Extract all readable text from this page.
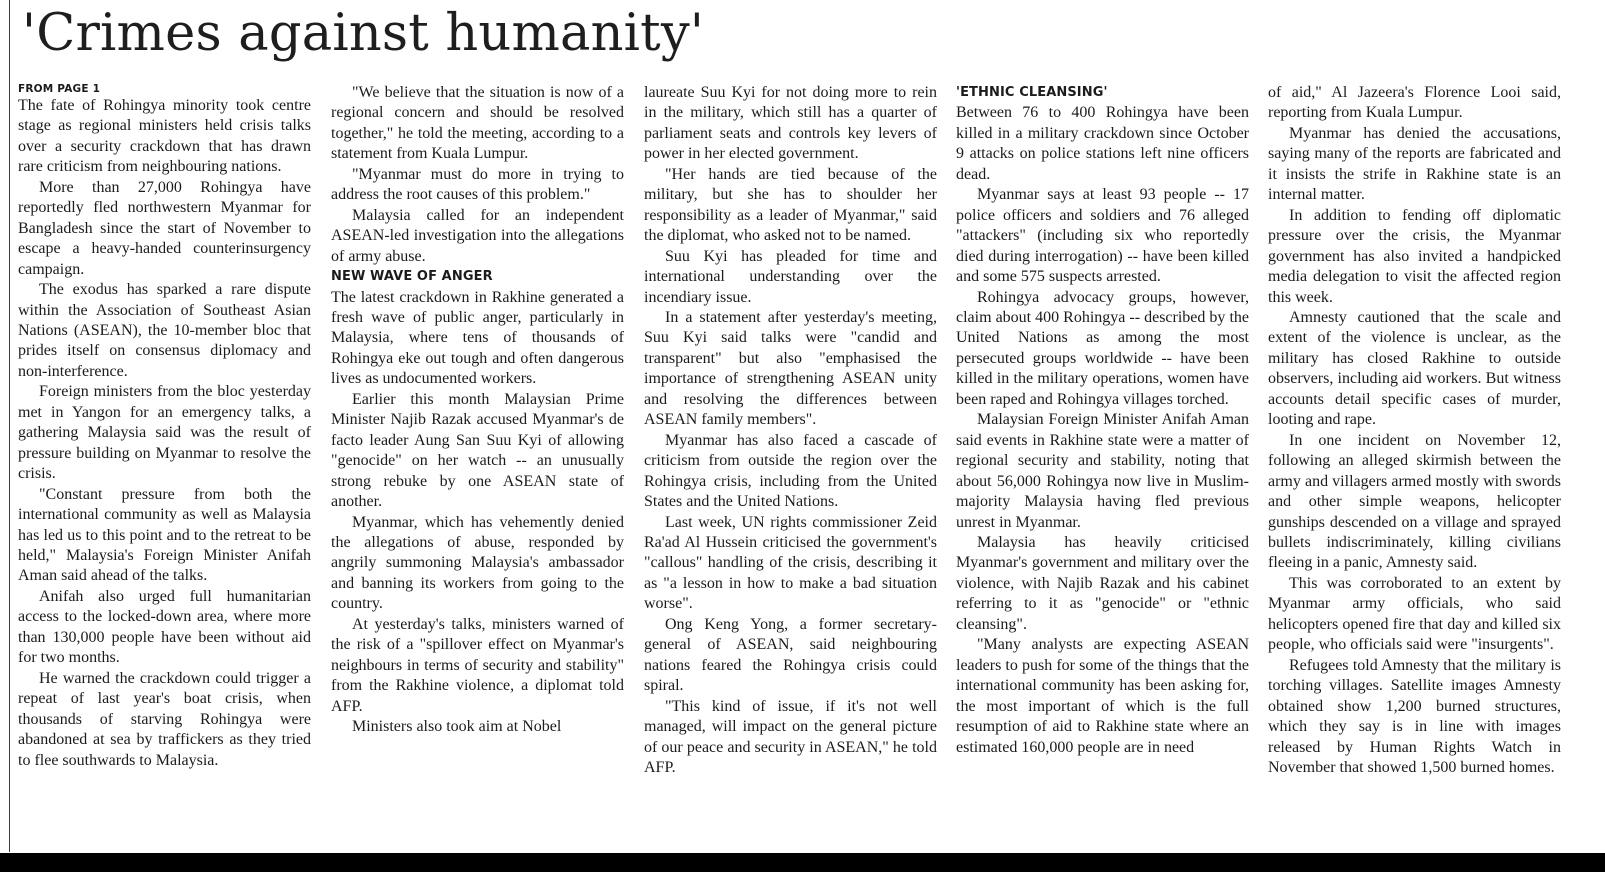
'Crimes against humanity'
FROM PAGE 1

The fate of Rohingya minority took centre stage as regional ministers held crisis talks over a security crackdown that has drawn rare criticism from neighbouring nations.

More than 27,000 Rohingya have reportedly fled northwestern Myanmar for Bangladesh since the start of November to escape a heavy-handed counterinsurgency campaign.

The exodus has sparked a rare dispute within the Association of Southeast Asian Nations (ASEAN), the 10-member bloc that prides itself on consensus diplomacy and non-interference.

Foreign ministers from the bloc yesterday met in Yangon for an emergency talks, a gathering Malaysia said was the result of pressure building on Myanmar to resolve the crisis.

"Constant pressure from both the international community as well as Malaysia has led us to this point and to the retreat to be held," Malaysia's Foreign Minister Anifah Aman said ahead of the talks.

Anifah also urged full humanitarian access to the locked-down area, where more than 130,000 people have been without aid for two months.

He warned the crackdown could trigger a repeat of last year's boat crisis, when thousands of starving Rohingya were abandoned at sea by traffickers as they tried to flee southwards to Malaysia.

"We believe that the situation is now of a regional concern and should be resolved together," he told the meeting, according to a statement from Kuala Lumpur.

"Myanmar must do more in trying to address the root causes of this problem."

Malaysia called for an independent ASEAN-led investigation into the allegations of army abuse.

NEW WAVE OF ANGER

The latest crackdown in Rakhine generated a fresh wave of public anger, particularly in Malaysia, where tens of thousands of Rohingya eke out tough and often dangerous lives as undocumented workers.

Earlier this month Malaysian Prime Minister Najib Razak accused Myanmar's de facto leader Aung San Suu Kyi of allowing "genocide" on her watch -- an unusually strong rebuke by one ASEAN state of another.

Myanmar, which has vehemently denied the allegations of abuse, responded by angrily summoning Malaysia's ambassador and banning its workers from going to the country.

At yesterday's talks, ministers warned of the risk of a "spillover effect on Myanmar's neighbours in terms of security and stability" from the Rakhine violence, a diplomat told AFP.

Ministers also took aim at Nobel

laureate Suu Kyi for not doing more to rein in the military, which still has a quarter of parliament seats and controls key levers of power in her elected government.

"Her hands are tied because of the military, but she has to shoulder her responsibility as a leader of Myanmar," said the diplomat, who asked not to be named.

Suu Kyi has pleaded for time and international understanding over the incendiary issue.

In a statement after yesterday's meeting, Suu Kyi said talks were "candid and transparent" but also "emphasised the importance of strengthening ASEAN unity and resolving the differences between ASEAN family members".

Myanmar has also faced a cascade of criticism from outside the region over the Rohingya crisis, including from the United States and the United Nations.

Last week, UN rights commissioner Zeid Ra'ad Al Hussein criticised the government's "callous" handling of the crisis, describing it as "a lesson in how to make a bad situation worse".

Ong Keng Yong, a former secretary-general of ASEAN, said neighbouring nations feared the Rohingya crisis could spiral.

"This kind of issue, if it's not well managed, will impact on the general picture of our peace and security in ASEAN," he told AFP.

'ETHNIC CLEANSING'

Between 76 to 400 Rohingya have been killed in a military crackdown since October 9 attacks on police stations left nine officers dead.

Myanmar says at least 93 people -- 17 police officers and soldiers and 76 alleged "attackers" (including six who reportedly died during interrogation) -- have been killed and some 575 suspects arrested.

Rohingya advocacy groups, however, claim about 400 Rohingya -- described by the United Nations as among the most persecuted groups worldwide -- have been killed in the military operations, women have been raped and Rohingya villages torched.

Malaysian Foreign Minister Anifah Aman said events in Rakhine state were a matter of regional security and stability, noting that about 56,000 Rohingya now live in Muslim-majority Malaysia having fled previous unrest in Myanmar.

Malaysia has heavily criticised Myanmar's government and military over the violence, with Najib Razak and his cabinet referring to it as "genocide" or "ethnic cleansing".

"Many analysts are expecting ASEAN leaders to push for some of the things that the international community has been asking for, the most important of which is the full resumption of aid to Rakhine state where an estimated 160,000 people are in need

of aid," Al Jazeera's Florence Looi said, reporting from Kuala Lumpur.

Myanmar has denied the accusations, saying many of the reports are fabricated and it insists the strife in Rakhine state is an internal matter.

In addition to fending off diplomatic pressure over the crisis, the Myanmar government has also invited a handpicked media delegation to visit the affected region this week.

Amnesty cautioned that the scale and extent of the violence is unclear, as the military has closed Rakhine to outside observers, including aid workers. But witness accounts detail specific cases of murder, looting and rape.

In one incident on November 12, following an alleged skirmish between the army and villagers armed mostly with swords and other simple weapons, helicopter gunships descended on a village and sprayed bullets indiscriminately, killing civilians fleeing in a panic, Amnesty said.

This was corroborated to an extent by Myanmar army officials, who said helicopters opened fire that day and killed six people, who officials said were "insurgents".

Refugees told Amnesty that the military is torching villages. Satellite images Amnesty obtained show 1,200 burned structures, which they say is in line with images released by Human Rights Watch in November that showed 1,500 burned homes.
